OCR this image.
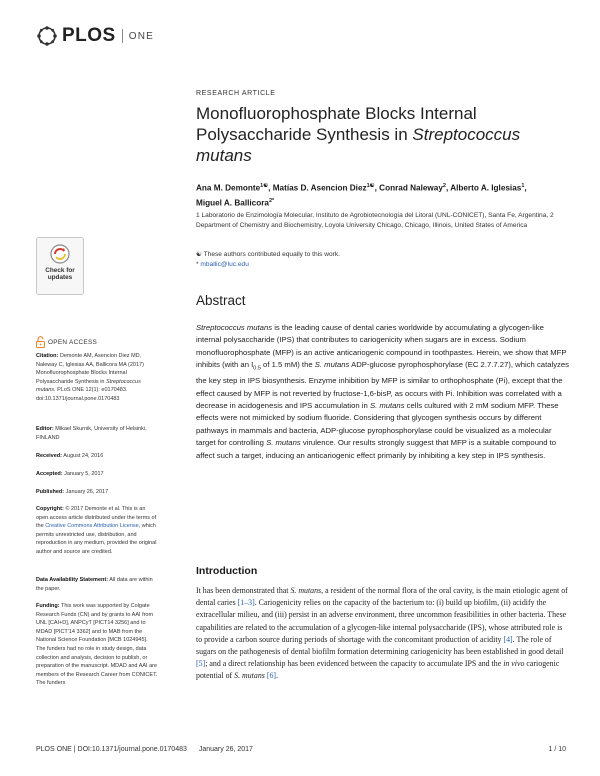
PLOS ONE
RESEARCH ARTICLE
Monofluorophosphate Blocks Internal Polysaccharide Synthesis in Streptococcus mutans
Ana M. Demonte$^{1☯}$, Matías D. Asencion Diez$^{1☯}$, Conrad Naleway$^2$, Alberto A. Iglesias$^1$,
Miguel A. Ballicora$^{2*}$
1 Laboratorio de Enzimología Molecular, Instituto de Agrobiotecnología del Litoral (UNL-CONICET), Santa Fe, Argentina, 2 Department of Chemistry and Biochemistry, Loyola University Chicago, Chicago, Illinois, United States of America
☯ These authors contributed equally to this work.
* mballic@luc.edu
Check for
updates
OPEN ACCESS
Citation: Demonte AM, Asencion Diez MD, Naleway C, Iglesias AA, Ballicora MA (2017) Monofluorophosphate Blocks Internal Polysaccharide Synthesis in Streptococcus mutans. PLoS ONE 12(1): e0170483. doi:10.1371/journal.pone.0170483
Editor: Mikael Skurnik, University of Helsinki, FINLAND
Received: August 24, 2016
Accepted: January 5, 2017
Published: January 26, 2017
Copyright: © 2017 Demonte et al. This is an open access article distributed under the terms of the Creative Commons Attribution License, which permits unrestricted use, distribution, and reproduction in any medium, provided the original author and source are credited.
Data Availability Statement: All data are within the paper.
Funding: This work was supported by Colgate Research Funds (CN) and by grants to AAI from UNL [CAI+D], ANPCyT [PICT14 3256] and to MDAD [PICT'14 3362] and to MAB from the National Science Foundation [MCB 1024945]. The funders had no role in study design, data collection and analysis, decision to publish, or preparation of the manuscript. MDAD and AAI are members of the Research Career from CONICET. The funders
Abstract
Streptococcus mutans is the leading cause of dental caries worldwide by accumulating a glycogen-like internal polysaccharide (IPS) that contributes to cariogenicity when sugars are in excess. Sodium monofluorophosphate (MFP) is an active anticariogenic compound in toothpastes. Herein, we show that MFP inhibits (with an $I_{0.5}$ of 1.5 mM) the S. mutans ADP-glucose pyrophosphorylase (EC 2.7.7.27), which catalyzes the key step in IPS biosynthesis. Enzyme inhibition by MFP is similar to orthophosphate (Pi), except that the effect caused by MFP is not reverted by fructose-1,6-bisP, as occurs with Pi. Inhibition was correlated with a decrease in acidogenesis and IPS accumulation in S. mutans cells cultured with 2 mM sodium MFP. These effects were not mimicked by sodium fluoride. Considering that glycogen synthesis occurs by different pathways in mammals and bacteria, ADP-glucose pyrophosphorylase could be visualized as a molecular target for controlling S. mutans virulence. Our results strongly suggest that MFP is a suitable compound to affect such a target, inducing an anticariogenic effect primarily by inhibiting a key step in IPS synthesis.
Introduction
It has been demonstrated that S. mutans, a resident of the normal flora of the oral cavity, is the main etiologic agent of dental caries [1–3]. Cariogenicity relies on the capacity of the bacterium to: (i) build up biofilm, (ii) acidify the extracellular milieu, and (iii) persist in an adverse environment, three uncommon feasibilities in other bacteria. These capabilities are related to the accumulation of a glycogen-like internal polysaccharide (IPS), whose attributed role is to provide a carbon source during periods of shortage with the concomitant production of acidity [4]. The role of sugars on the pathogenesis of dental biofilm formation determining cariogenicity has been established in good detail [5]; and a direct relationship has been evidenced between the capacity to accumulate IPS and the in vivo cariogenic potential of S. mutans [6].
PLOS ONE | DOI:10.1371/journal.pone.0170483 January 26, 2017	1 / 10
